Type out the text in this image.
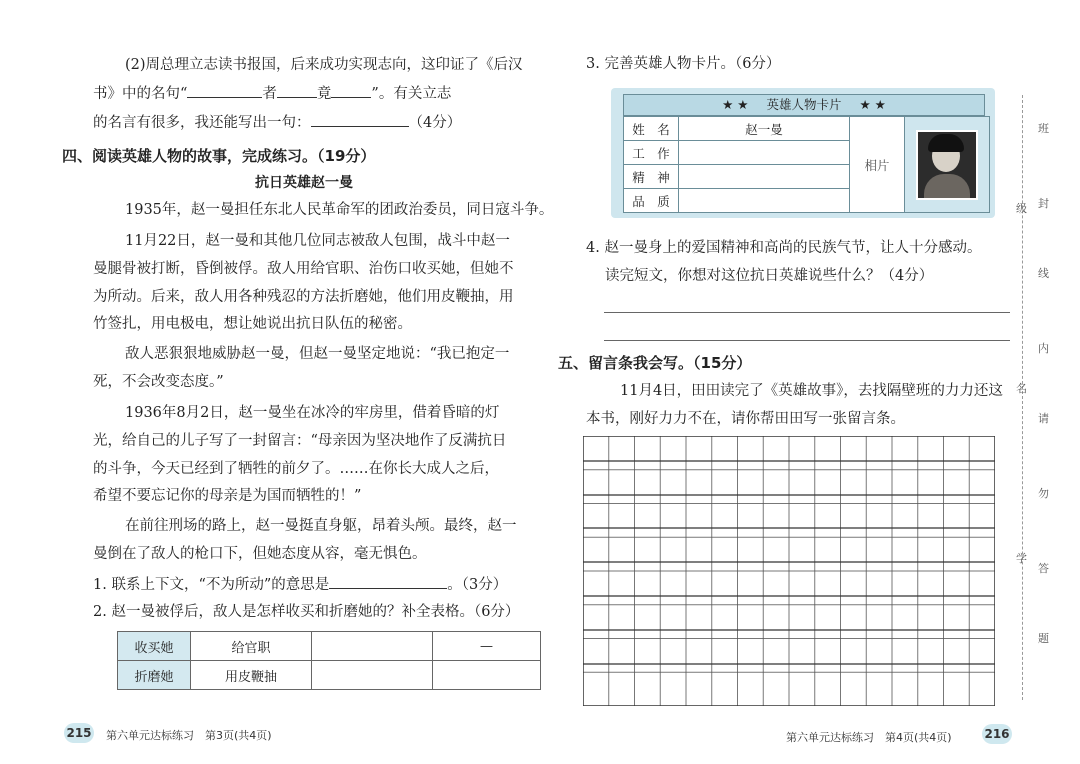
(2)周总理立志读书报国，后来成功实现志向，这印证了《后汉
书》中的名句“	者	竟	”。有关立志
的名言有很多，我还能写出一句：	（4分）
四、阅读英雄人物的故事，完成练习。（19分）
抗日英雄赵一曼
1935年，赵一曼担任东北人民革命军的团政治委员，同日寇斗争。
11月22日，赵一曼和其他几位同志被敌人包围，战斗中赵一
曼腿骨被打断，昏倒被俘。敌人用给官职、治伤口收买她，但她不
为所动。后来，敌人用各种残忍的方法折磨她，他们用皮鞭抽，用
竹签扎，用电极电，想让她说出抗日队伍的秘密。
敌人恶狠狠地威胁赵一曼，但赵一曼坚定地说：“我已抱定一
死，不会改变态度。”
1936年8月2日，赵一曼坐在冰冷的牢房里，借着昏暗的灯
光，给自己的儿子写了一封留言：“母亲因为坚决地作了反满抗日
的斗争，今天已经到了牺牲的前夕了。……在你长大成人之后，
希望不要忘记你的母亲是为国而牺牲的！”
在前往刑场的路上，赵一曼挺直身躯，昂着头颅。最终，赵一
曼倒在了敌人的枪口下，但她态度从容，毫无惧色。
1. 联系上下文，“不为所动”的意思是	。（3分）
2. 赵一曼被俘后，敌人是怎样收买和折磨她的？补全表格。（6分）
收买她	给官职		—
折磨她	用皮鞭抽		
215 第六单元达标练习　第3页(共4页)
3. 完善英雄人物卡片。（6分）
★ ★ 英雄人物卡片 ★ ★
姓　名	赵一曼	相片	

工　作			
精　神			
品　质			
4. 赵一曼身上的爱国精神和高尚的民族气节，让人十分感动。
读完短文，你想对这位抗日英雄说些什么？（4分）
五、留言条我会写。（15分）
11月4日，田田读完了《英雄故事》，去找隔壁班的力力还这
本书，刚好力力不在，请你帮田田写一张留言条。
第六单元达标练习　第4页(共4页)	216
班
封
线
内
请
勿
答
题
级
名
学
